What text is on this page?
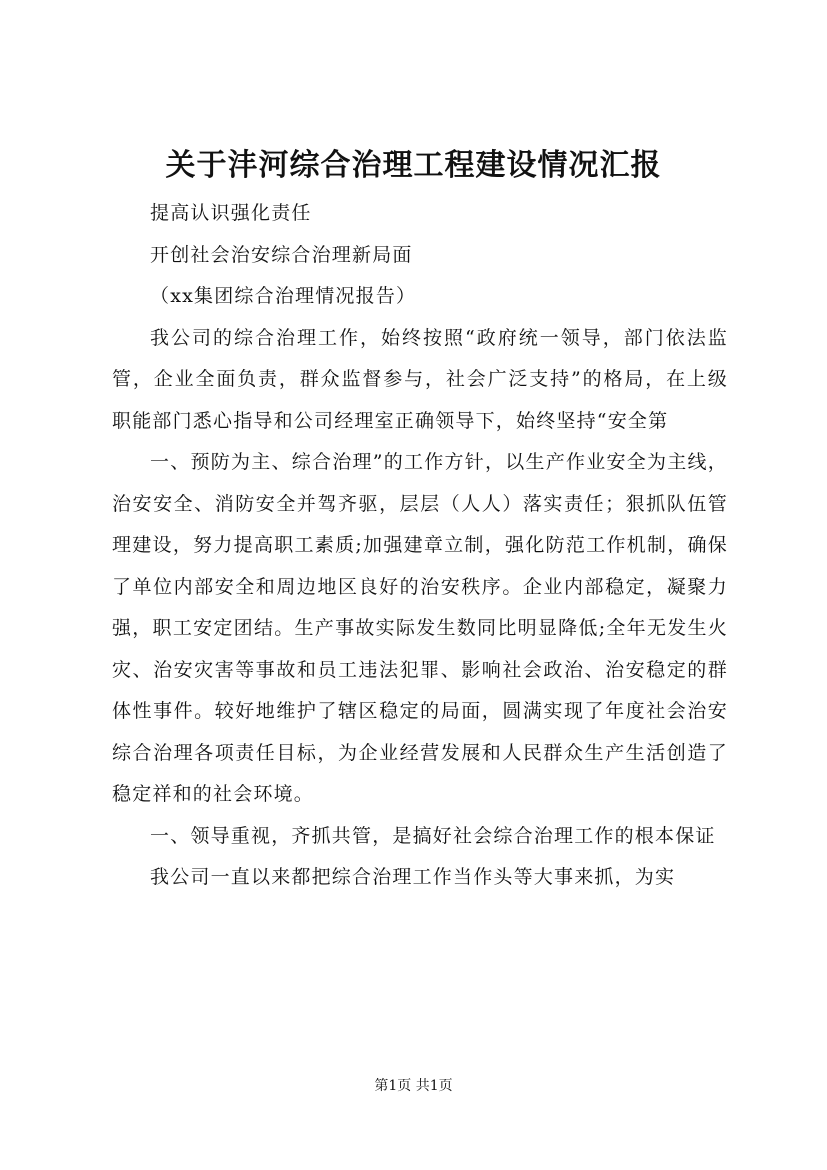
关于沣河综合治理工程建设情况汇报

提高认识强化责任

开创社会治安综合治理新局面

（xx集团综合治理情况报告）

我公司的综合治理工作，始终按照“政府统一领导，部门依法监管，企业全面负责，群众监督参与，社会广泛支持”的格局，在上级职能部门悉心指导和公司经理室正确领导下，始终坚持“安全第

一、预防为主、综合治理”的工作方针，以生产作业安全为主线，治安安全、消防安全并驾齐驱，层层（人人）落实责任；狠抓队伍管理建设，努力提高职工素质;加强建章立制，强化防范工作机制，确保了单位内部安全和周边地区良好的治安秩序。企业内部稳定，凝聚力强，职工安定团结。生产事故实际发生数同比明显降低;全年无发生火灾、治安灾害等事故和员工违法犯罪、影响社会政治、治安稳定的群体性事件。较好地维护了辖区稳定的局面，圆满实现了年度社会治安综合治理各项责任目标，为企业经营发展和人民群众生产生活创造了稳定祥和的社会环境。

一、领导重视，齐抓共管，是搞好社会综合治理工作的根本保证

我公司一直以来都把综合治理工作当作头等大事来抓，为实

第1页 共1页
